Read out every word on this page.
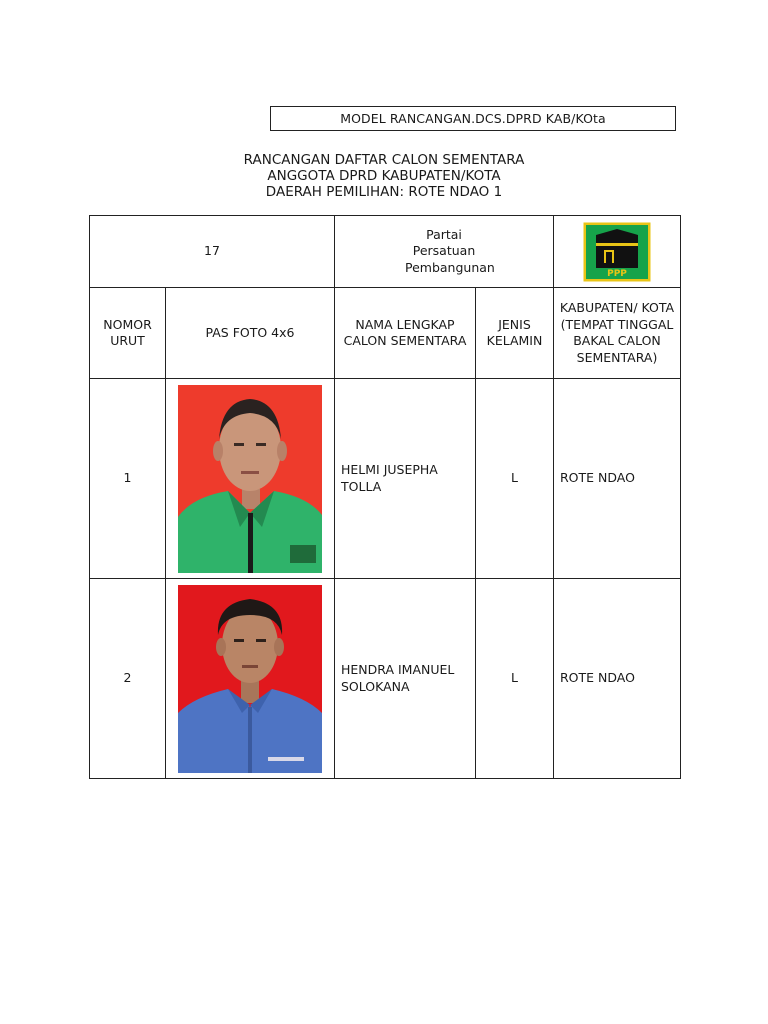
MODEL RANCANGAN.DCS.DPRD KAB/KOta
RANCANGAN DAFTAR CALON SEMENTARA
ANGGOTA DPRD KABUPATEN/KOTA
DAERAH PEMILIHAN: ROTE NDAO 1
17		Partai Persatuan Pembangunan		PPP

NOMOR URUT	PAS FOTO 4x6	NAMA LENGKAP CALON SEMENTARA	JENIS KELAMIN	KABUPATEN/ KOTA (TEMPAT TINGGAL BAKAL CALON SEMENTARA)
1		HELMI JUSEPHA TOLLA	L	ROTE NDAO
2		HENDRA IMANUEL SOLOKANA	L	ROTE NDAO
